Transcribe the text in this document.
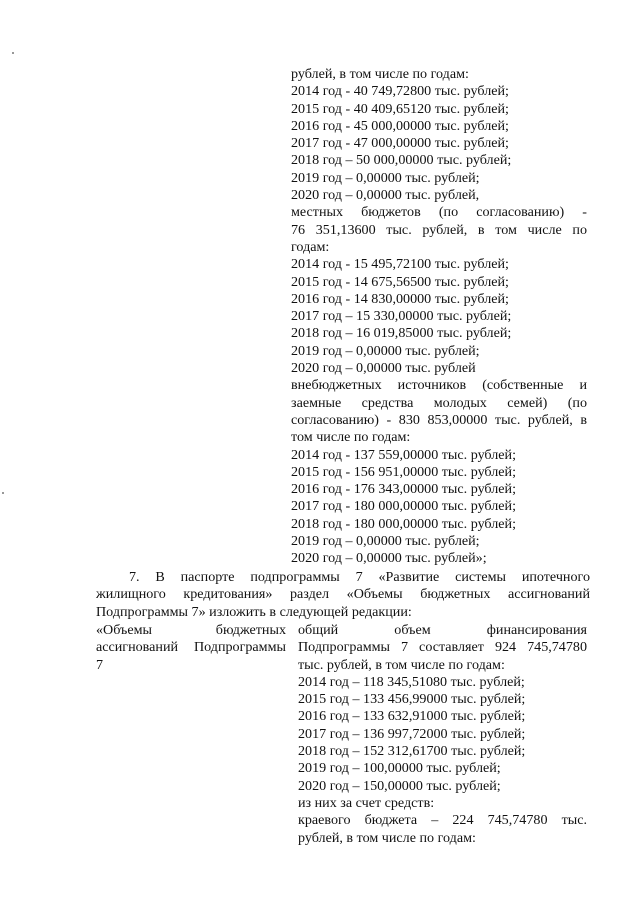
рублей, в том числе по годам:
2014 год - 40 749,72800 тыс. рублей;
2015 год - 40 409,65120 тыс. рублей;
2016 год - 45 000,00000 тыс. рублей;
2017 год - 47 000,00000 тыс. рублей;
2018 год – 50 000,00000 тыс. рублей;
2019 год – 0,00000 тыс. рублей;
2020 год – 0,00000 тыс. рублей,
местных бюджетов (по согласованию) -
76 351,13600 тыс. рублей, в том числе по
годам:
2014 год - 15 495,72100 тыс. рублей;
2015 год - 14 675,56500 тыс. рублей;
2016 год - 14 830,00000 тыс. рублей;
2017 год – 15 330,00000 тыс. рублей;
2018 год – 16 019,85000 тыс. рублей;
2019 год – 0,00000 тыс. рублей;
2020 год – 0,00000 тыс. рублей
внебюджетных источников (собственные и
заемные средства молодых семей) (по
согласованию) - 830 853,00000 тыс. рублей, в
том числе по годам:
2014 год - 137 559,00000 тыс. рублей;
2015 год - 156 951,00000 тыс. рублей;
2016 год - 176 343,00000 тыс. рублей;
2017 год - 180 000,00000 тыс. рублей;
2018 год - 180 000,00000 тыс. рублей;
2019 год – 0,00000 тыс. рублей;
2020 год – 0,00000 тыс. рублей»;
7. В паспорте подпрограммы 7 «Развитие системы ипотечного
жилищного кредитования» раздел «Объемы бюджетных ассигнований
Подпрограммы 7» изложить в следующей редакции:
«Объемы бюджетных
ассигнований Подпрограммы
7
общий объем финансирования
Подпрограммы 7 составляет 924 745,74780
тыс. рублей, в том числе по годам:
2014 год – 118 345,51080 тыс. рублей;
2015 год – 133 456,99000 тыс. рублей;
2016 год – 133 632,91000 тыс. рублей;
2017 год – 136 997,72000 тыс. рублей;
2018 год – 152 312,61700 тыс. рублей;
2019 год – 100,00000 тыс. рублей;
2020 год – 150,00000 тыс. рублей;
из них за счет средств:
краевого бюджета – 224 745,74780 тыс.
рублей, в том числе по годам:
